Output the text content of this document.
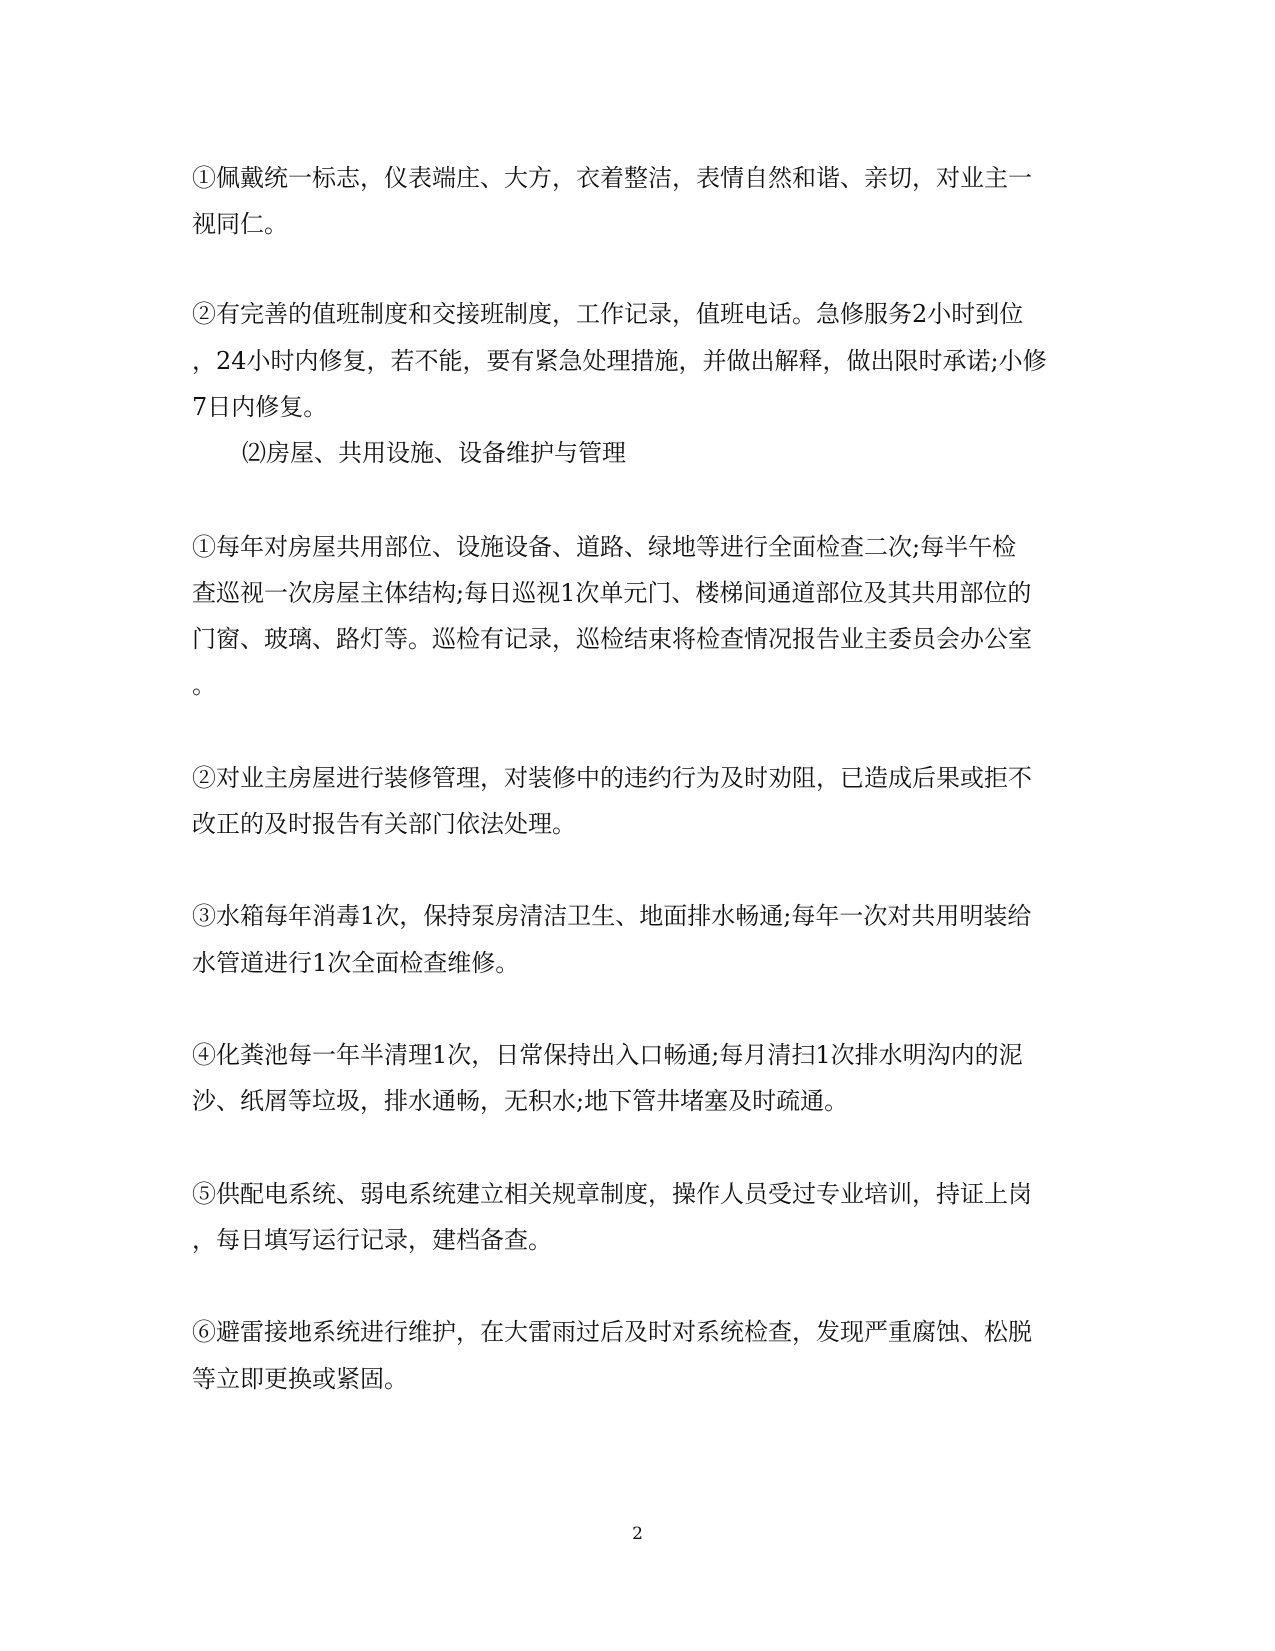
①佩戴统一标志，仪表端庄、大方，衣着整洁，表情自然和谐、亲切，对业主一
视同仁。
②有完善的值班制度和交接班制度，工作记录，值班电话。急修服务2小时到位
，24小时内修复，若不能，要有紧急处理措施，并做出解释，做出限时承诺;小修
7日内修复。
⑵房屋、共用设施、设备维护与管理
①每年对房屋共用部位、设施设备、道路、绿地等进行全面检查二次;每半午检
查巡视一次房屋主体结构;每日巡视1次单元门、楼梯间通道部位及其共用部位的
门窗、玻璃、路灯等。巡检有记录，巡检结束将检查情况报告业主委员会办公室
。
②对业主房屋进行装修管理，对装修中的违约行为及时劝阻，已造成后果或拒不
改正的及时报告有关部门依法处理。
③水箱每年消毒1次，保持泵房清洁卫生、地面排水畅通;每年一次对共用明装给
水管道进行1次全面检查维修。
④化粪池每一年半清理1次，日常保持出入口畅通;每月清扫1次排水明沟内的泥
沙、纸屑等垃圾，排水通畅，无积水;地下管井堵塞及时疏通。
⑤供配电系统、弱电系统建立相关规章制度，操作人员受过专业培训，持证上岗
，每日填写运行记录，建档备查。
⑥避雷接地系统进行维护，在大雷雨过后及时对系统检查，发现严重腐蚀、松脱
等立即更换或紧固。
2
